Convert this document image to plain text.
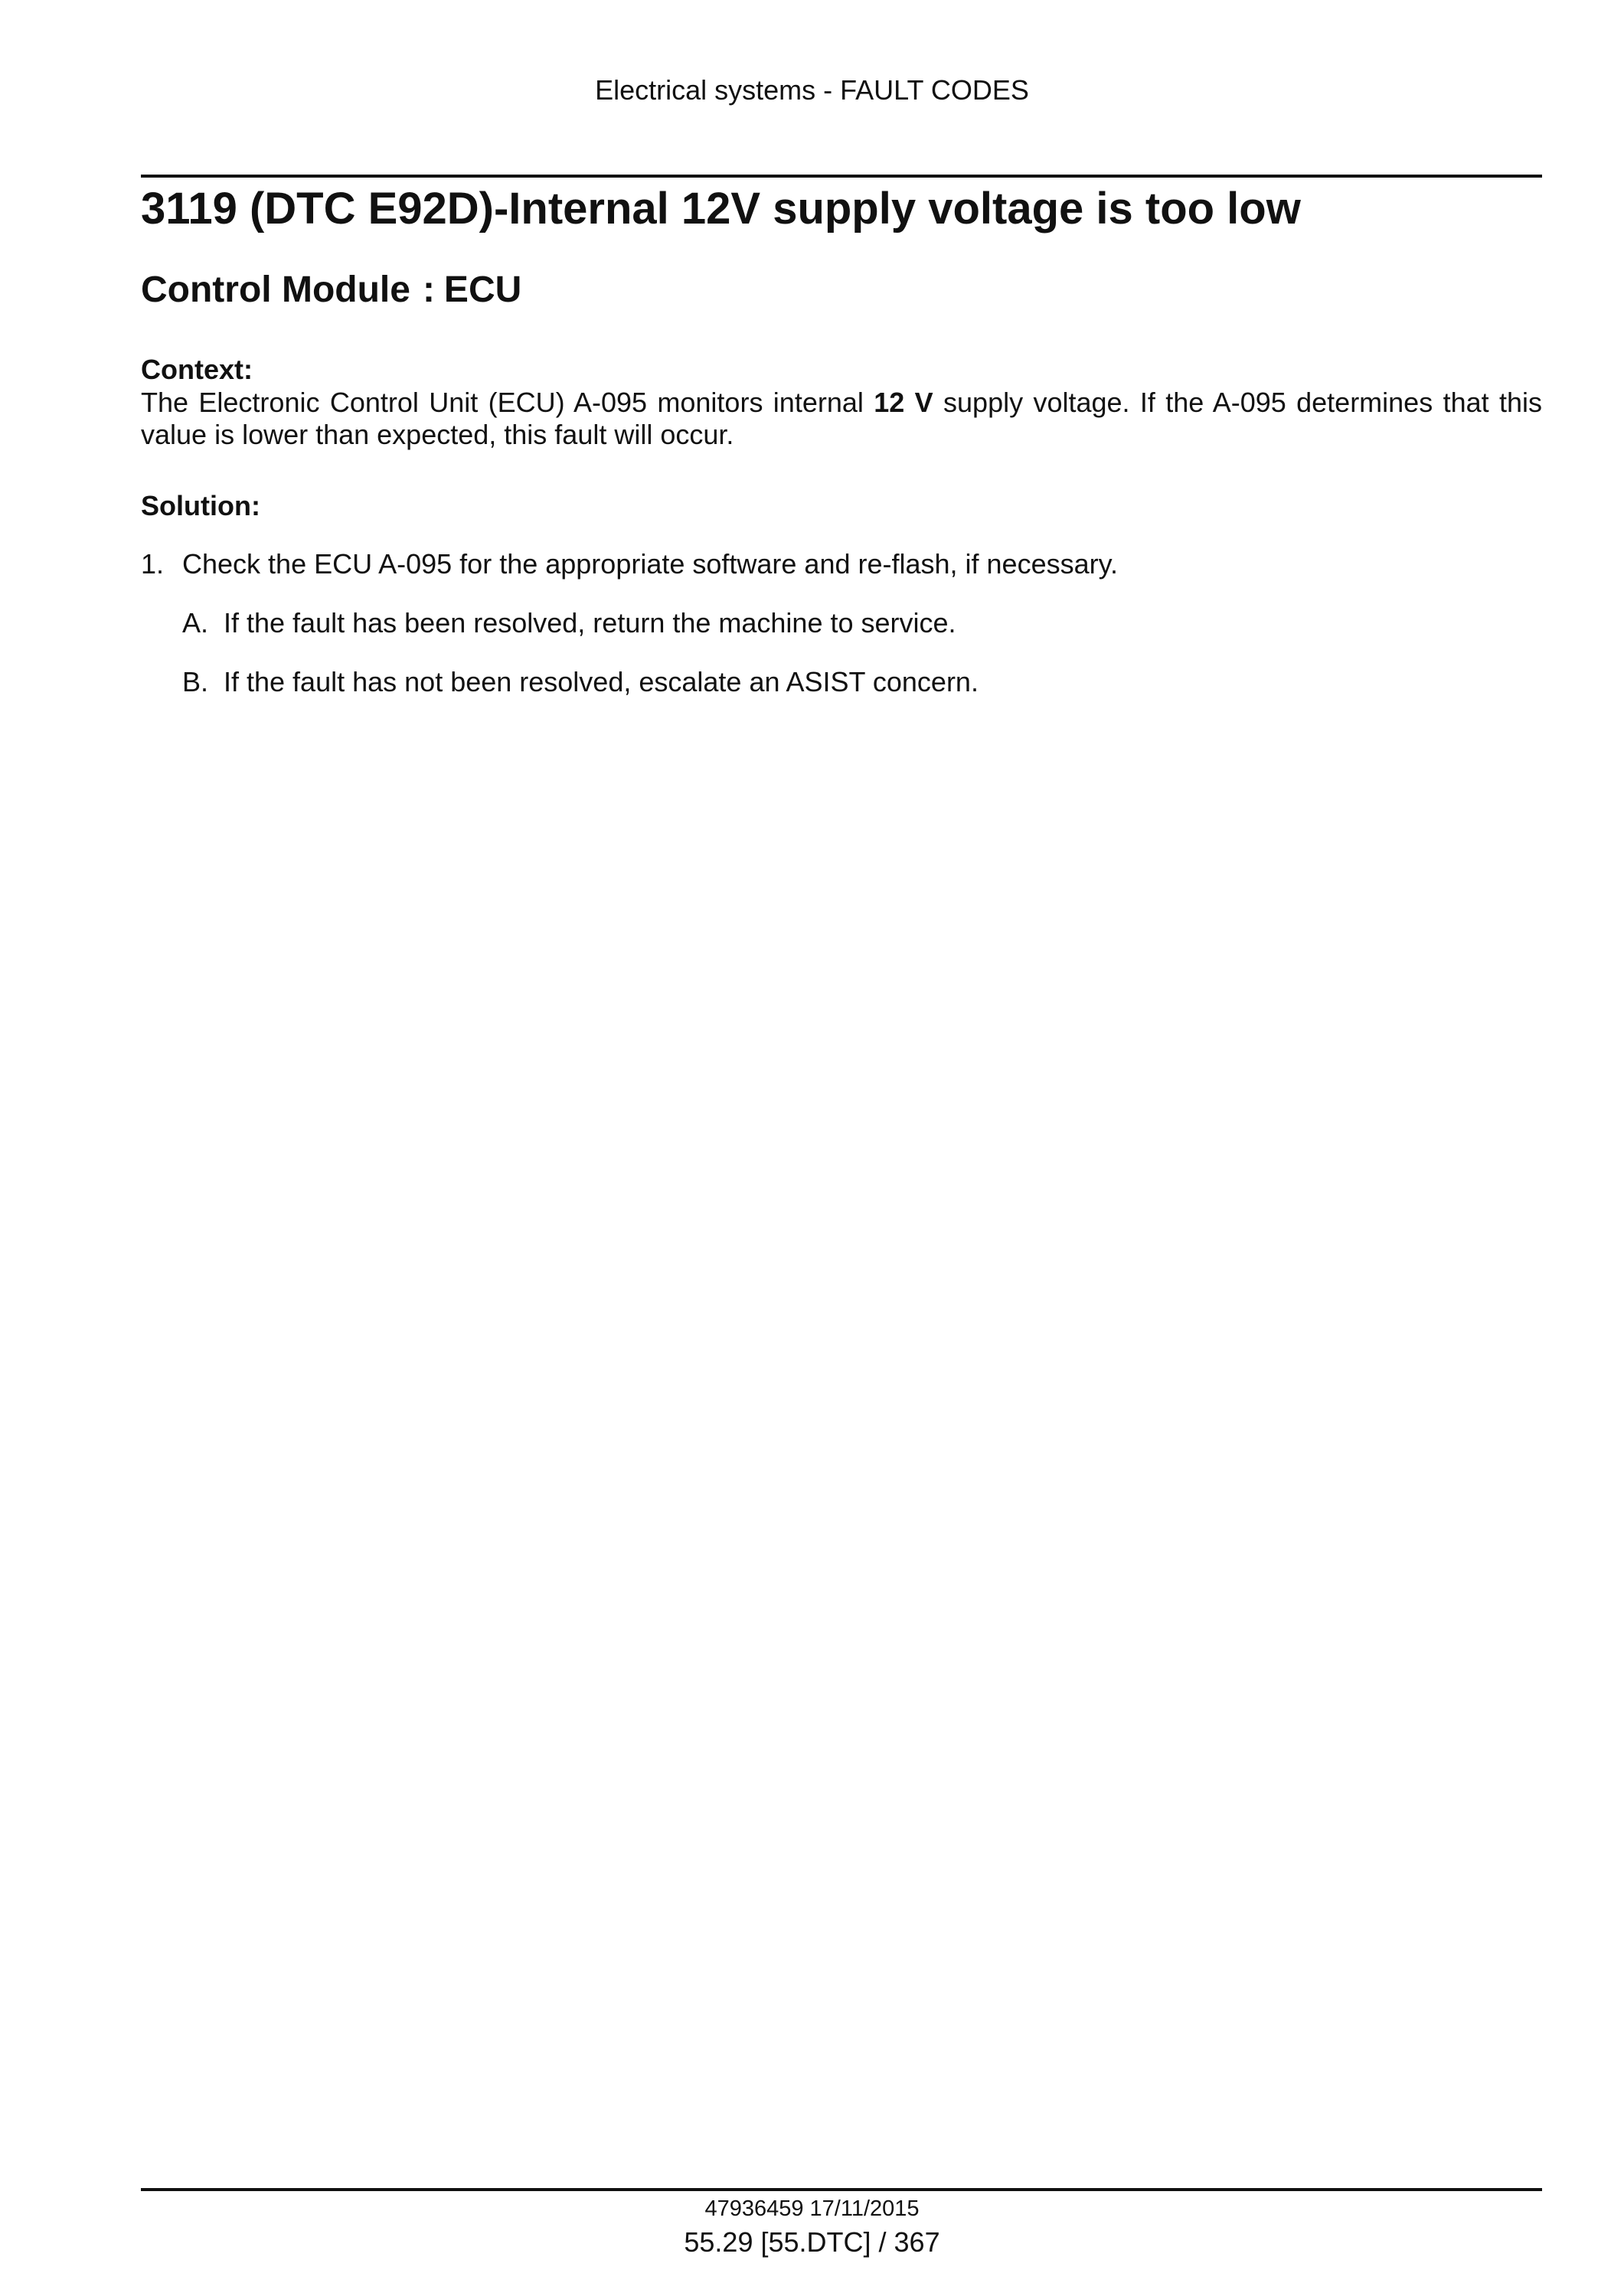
Electrical systems - FAULT CODES
3119 (DTC E92D)-Internal 12V supply voltage is too low
Control Module : ECU
Context:
The Electronic Control Unit (ECU) A-095 monitors internal 12 V supply voltage. If the A-095 determines that this value is lower than expected, this fault will occur.
Solution:
1. Check the ECU A-095 for the appropriate software and re-flash, if necessary.
A. If the fault has been resolved, return the machine to service.
B. If the fault has not been resolved, escalate an ASIST concern.
47936459 17/11/2015
55.29 [55.DTC] / 367
